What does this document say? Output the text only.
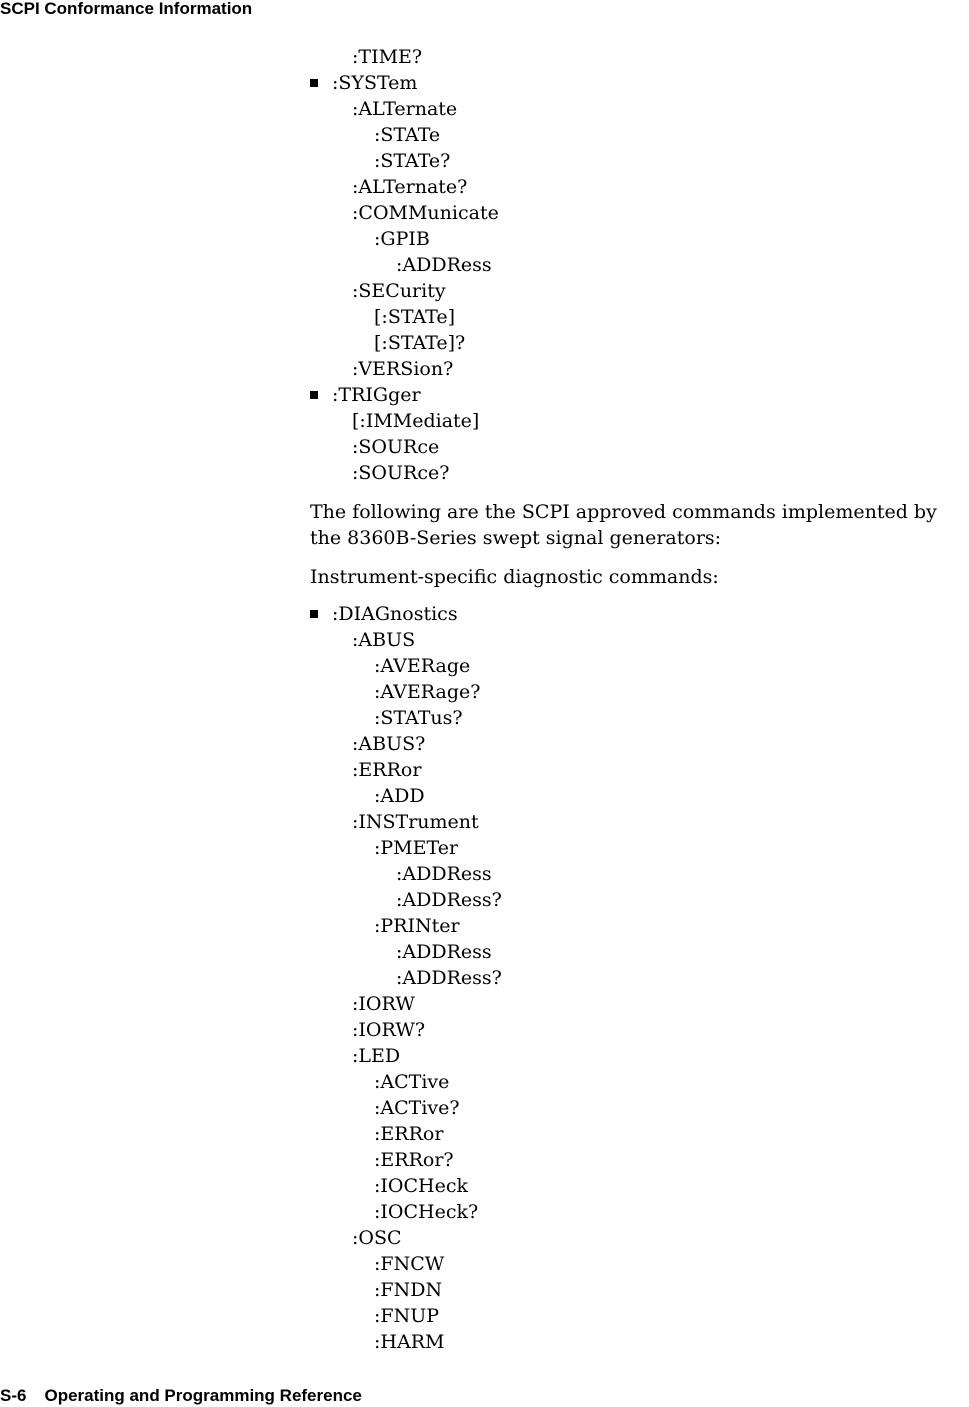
SCPI Conformance Information
:TIME?
:SYSTem
:ALTernate
:STATe
:STATe?
:ALTernate?
:COMMunicate
:GPIB
:ADDRess
:SECurity
[:STATe]
[:STATe]?
:VERSion?
:TRIGger
[:IMMediate]
:SOURce
:SOURce?

The following are the SCPI approved commands implemented by the 8360B-Series swept signal generators:

Instrument-specific diagnostic commands:

:DIAGnostics
:ABUS
:AVERage
:AVERage?
:STATus?
:ABUS?
:ERRor
:ADD
:INSTrument
:PMETer
:ADDRess
:ADDRess?
:PRINter
:ADDRess
:ADDRess?
:IORW
:IORW?
:LED
:ACTive
:ACTive?
:ERRor
:ERRor?
:IOCHeck
:IOCHeck?
:OSC
:FNCW
:FNDN
:FNUP
:HARM
S-6 Operating and Programming Reference
